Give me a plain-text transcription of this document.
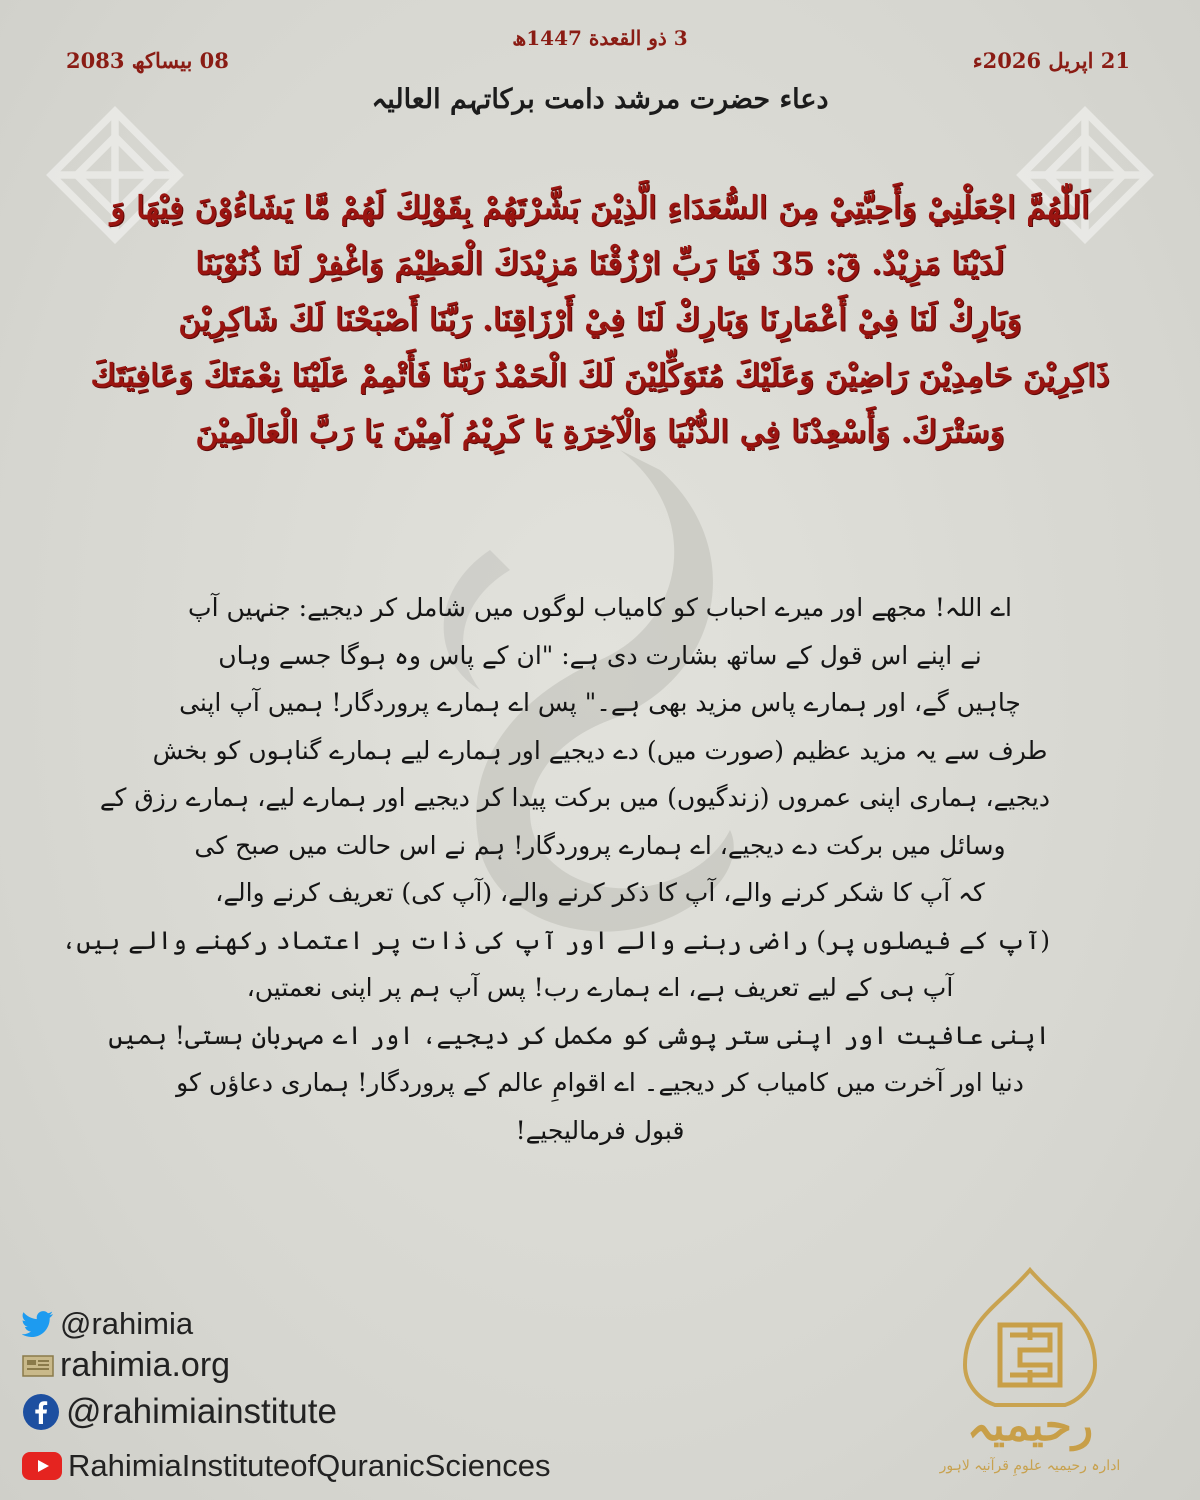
3 ذو القعدة 1447ھ
21 اپریل 2026ء
08 بیساکھ 2083
دعاء حضرت مرشد دامت برکاتہم العالیہ
اَللّٰهُمَّ اجْعَلْنِيْ وَأَحِبَّتِيْ مِنَ السُّعَدَاءِ الَّذِيْنَ بَشَّرْتَهُمْ بِقَوْلِكَ لَهُمْ مَّا يَشَاءُوْنَ فِيْهَا وَ
لَدَيْنَا مَزِيْدٌ. قٓ: 35 فَيَا رَبِّ ارْزُقْنَا مَزِيْدَكَ الْعَظِيْمَ وَاغْفِرْ لَنَا ذُنُوْبَنَا
وَبَارِكْ لَنَا فِيْ أَعْمَارِنَا وَبَارِكْ لَنَا فِيْ أَرْزَاقِنَا. رَبَّنَا أَصْبَحْنَا لَكَ شَاكِرِيْنَ
ذَاكِرِيْنَ حَامِدِيْنَ رَاضِيْنَ وَعَلَيْكَ مُتَوَكِّلِيْنَ لَكَ الْحَمْدُ رَبَّنَا فَأَتْمِمْ عَلَيْنَا نِعْمَتَكَ وَعَافِيَتَكَ
وَسَتْرَكَ. وَأَسْعِدْنَا فِي الدُّنْيَا وَالْآخِرَةِ يَا كَرِيْمُ آمِيْنَ يَا رَبَّ الْعَالَمِيْنَ
اے اللہ! مجھے اور میرے احباب کو کامیاب لوگوں میں شامل کر دیجیے: جنہیں آپ
نے اپنے اس قول کے ساتھ بشارت دی ہے: "ان کے پاس وہ ہوگا جسے وہاں
چاہیں گے، اور ہمارے پاس مزید بھی ہے۔" پس اے ہمارے پروردگار! ہمیں آپ اپنی
طرف سے یہ مزید عظیم (صورت میں) دے دیجیے اور ہمارے لیے ہمارے گناہوں کو بخش
دیجیے، ہماری اپنی عمروں (زندگیوں) میں برکت پیدا کر دیجیے اور ہمارے لیے، ہمارے رزق کے
وسائل میں برکت دے دیجیے، اے ہمارے پروردگار! ہم نے اس حالت میں صبح کی
کہ آپ کا شکر کرنے والے، آپ کا ذکر کرنے والے، (آپ کی) تعریف کرنے والے،
(آپ کے فیصلوں پر) راضی رہنے والے اور آپ کی ذات پر اعتماد رکھنے والے ہیں،
آپ ہی کے لیے تعریف ہے، اے ہمارے رب! پس آپ ہم پر اپنی نعمتیں،
اپنی عافیت اور اپنی ستر پوشی کو مکمل کر دیجیے، اور اے مہربان ہستی! ہمیں
دنیا اور آخرت میں کامیاب کر دیجیے۔ اے اقوامِ عالم کے پروردگار! ہماری دعاؤں کو
قبول فرمالیجیے!
@rahimia
rahimia.org
@rahimiainstitute
RahimiaInstituteofQuranicSciences
رحیمیہ
ادارہ رحیمیہ علومِ قرآنیہ لاہور
